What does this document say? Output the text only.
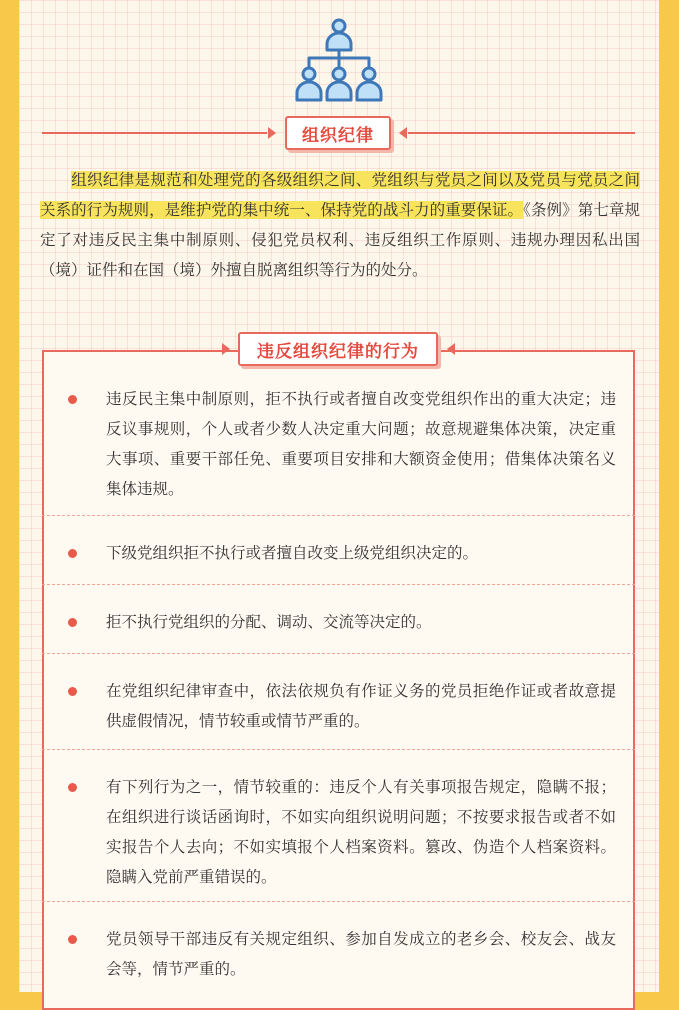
组织纪律

组织纪律是规范和处理党的各级组织之间、党组织与党员之间以及党员与党员之间关系的行为规则，是维护党的集中统一、保持党的战斗力的重要保证。《条例》第七章规定了对违反民主集中制原则、侵犯党员权利、违反组织工作原则、违规办理因私出国（境）证件和在国（境）外擅自脱离组织等行为的处分。

违反组织纪律的行为

违反民主集中制原则，拒不执行或者擅自改变党组织作出的重大决定；违反议事规则，个人或者少数人决定重大问题；故意规避集体决策，决定重大事项、重要干部任免、重要项目安排和大额资金使用；借集体决策名义集体违规。

下级党组织拒不执行或者擅自改变上级党组织决定的。

拒不执行党组织的分配、调动、交流等决定的。

在党组织纪律审查中，依法依规负有作证义务的党员拒绝作证或者故意提供虚假情况，情节较重或情节严重的。

有下列行为之一，情节较重的：违反个人有关事项报告规定，隐瞒不报；在组织进行谈话函询时，不如实向组织说明问题；不按要求报告或者不如实报告个人去向；不如实填报个人档案资料。篡改、伪造个人档案资料。隐瞒入党前严重错误的。

党员领导干部违反有关规定组织、参加自发成立的老乡会、校友会、战友会等，情节严重的。
